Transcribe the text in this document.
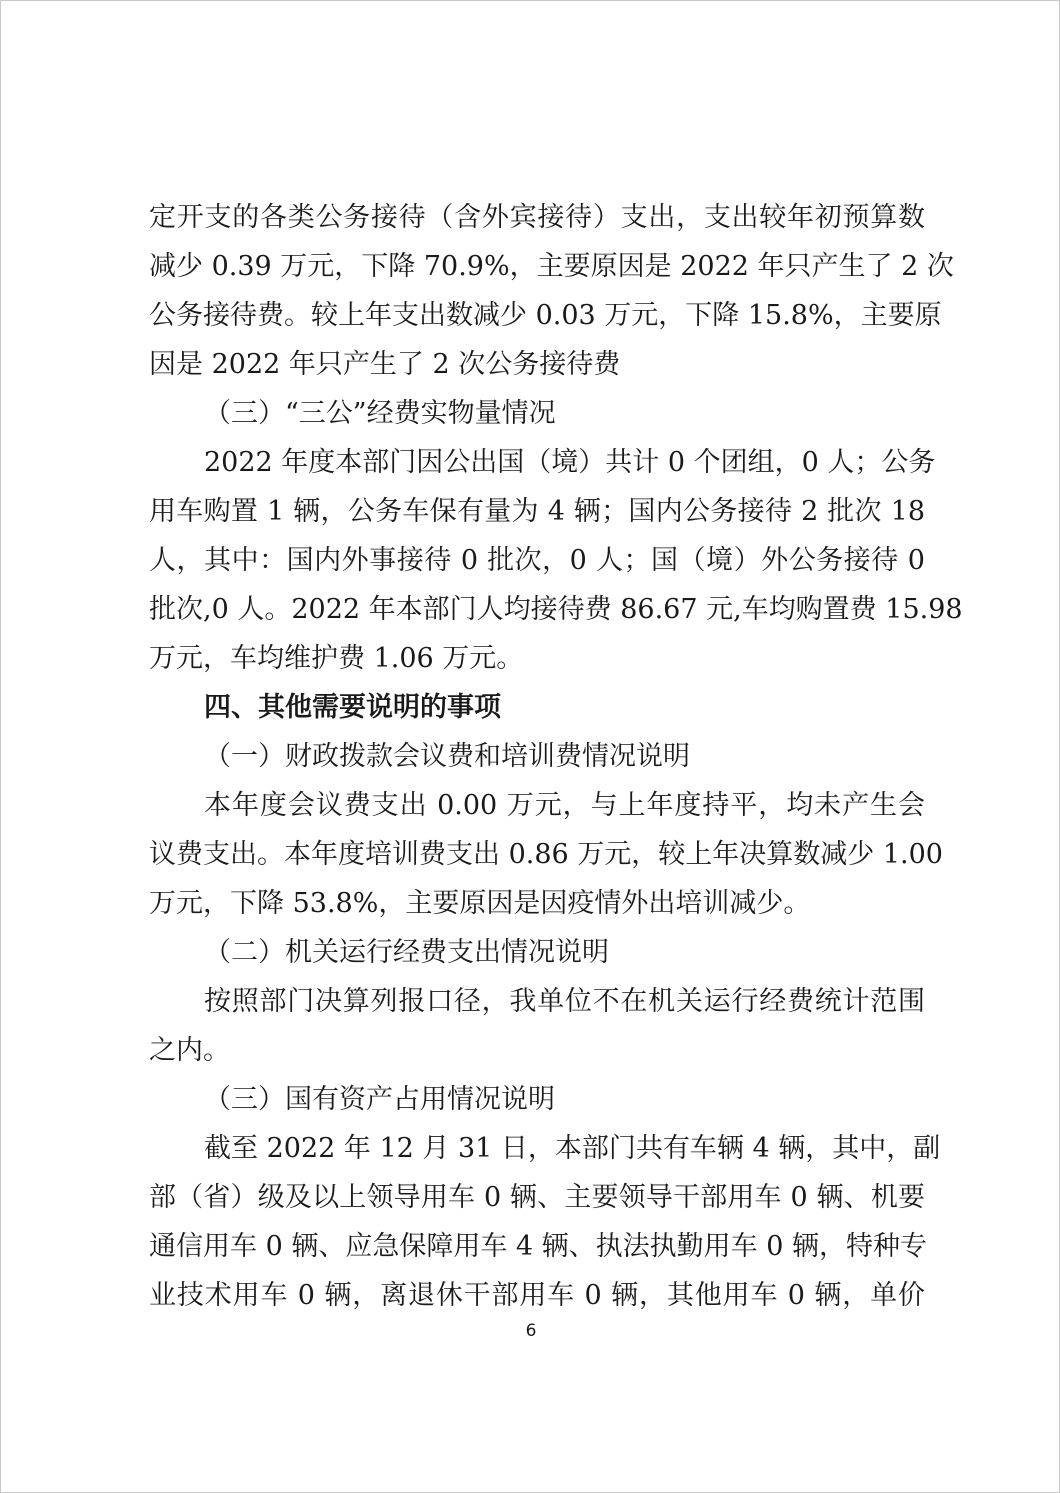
定开支的各类公务接待（含外宾接待）支出，支出较年初预算数
减少 0.39 万元，下降 70.9%，主要原因是 2022 年只产生了 2 次
公务接待费。较上年支出数减少 0.03 万元，下降 15.8%，主要原
因是 2022 年只产生了 2 次公务接待费
（三）“三公”经费实物量情况
2022 年度本部门因公出国（境）共计 0 个团组，0 人；公务
用车购置 1 辆，公务车保有量为 4 辆；国内公务接待 2 批次 18
人，其中：国内外事接待 0 批次，0 人；国（境）外公务接待 0
批次,0 人。2022 年本部门人均接待费 86.67 元,车均购置费 15.98
万元，车均维护费 1.06 万元。
四、其他需要说明的事项
（一）财政拨款会议费和培训费情况说明
本年度会议费支出 0.00 万元，与上年度持平，均未产生会
议费支出。本年度培训费支出 0.86 万元，较上年决算数减少 1.00
万元，下降 53.8%，主要原因是因疫情外出培训减少。
（二）机关运行经费支出情况说明
按照部门决算列报口径，我单位不在机关运行经费统计范围
之内。
（三）国有资产占用情况说明
截至 2022 年 12 月 31 日，本部门共有车辆 4 辆，其中，副
部（省）级及以上领导用车 0 辆、主要领导干部用车 0 辆、机要
通信用车 0 辆、应急保障用车 4 辆、执法执勤用车 0 辆，特种专
业技术用车 0 辆，离退休干部用车 0 辆，其他用车 0 辆，单价
6
